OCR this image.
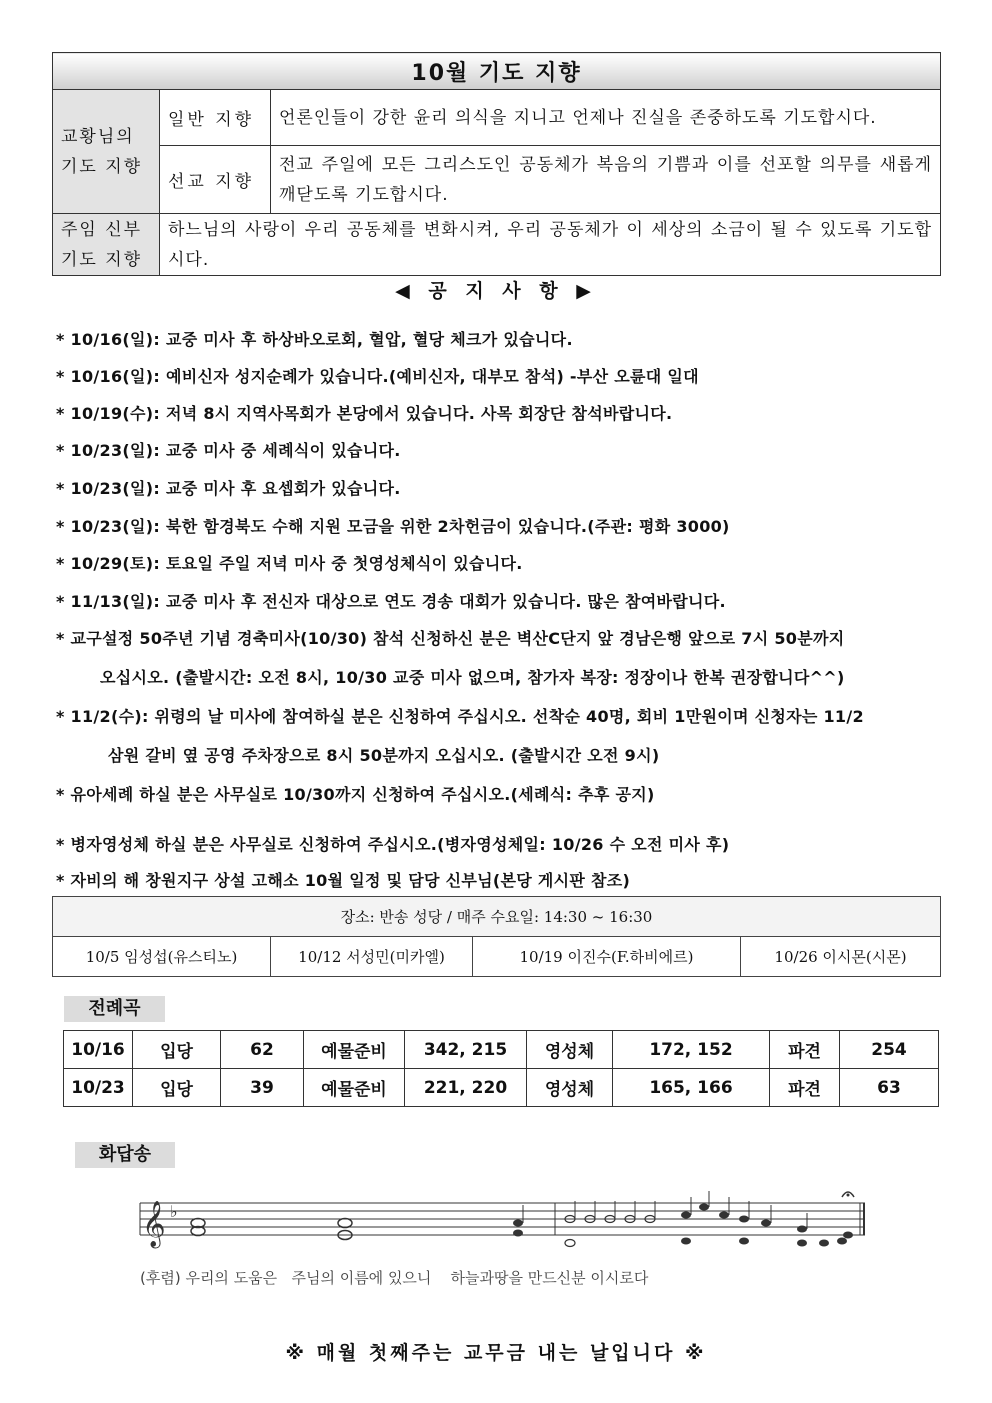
10월 기도 지향		

교황님의
기도 지향	일반 지향	언론인들이 강한 윤리 의식을 지니고 언제나 진실을 존중하도록 기도합시다.
	선교 지향	전교 주일에 모든 그리스도인 공동체가 복음의 기쁨과 이를 선포할 의무를 새롭게 깨닫도록 기도합시다.

주임 신부
기도 지향	하느님의 사랑이 우리 공동체를 변화시켜, 우리 공동체가 이 세상의 소금이 될 수 있도록 기도합시다.	
◀ 공 지 사 항 ▶
* 10/16(일): 교중 미사 후 하상바오로회, 혈압, 혈당 체크가 있습니다.
* 10/16(일): 예비신자 성지순례가 있습니다.(예비신자, 대부모 참석) -부산 오륜대 일대
* 10/19(수): 저녁 8시 지역사목회가 본당에서 있습니다. 사목 회장단 참석바랍니다.
* 10/23(일): 교중 미사 중 세례식이 있습니다.
* 10/23(일): 교중 미사 후 요셉회가 있습니다.
* 10/23(일): 북한 함경북도 수해 지원 모금을 위한 2차헌금이 있습니다.(주관: 평화 3000)
* 10/29(토): 토요일 주일 저녁 미사 중 첫영성체식이 있습니다.
* 11/13(일): 교중 미사 후 전신자 대상으로 연도 경송 대회가 있습니다. 많은 참여바랍니다.
* 교구설정 50주년 기념 경축미사(10/30) 참석 신청하신 분은 벽산C단지 앞 경남은행 앞으로 7시 50분까지
오십시오. (출발시간: 오전 8시, 10/30 교중 미사 없으며, 참가자 복장: 정장이나 한복 권장합니다^^)
* 11/2(수): 위령의 날 미사에 참여하실 분은 신청하여 주십시오. 선착순 40명, 회비 1만원이며 신청자는 11/2
삼원 갈비 옆 공영 주차장으로 8시 50분까지 오십시오. (출발시간 오전 9시)
* 유아세례 하실 분은 사무실로 10/30까지 신청하여 주십시오.(세례식: 추후 공지)
* 병자영성체 하실 분은 사무실로 신청하여 주십시오.(병자영성체일: 10/26 수 오전 미사 후)
* 자비의 해 창원지구 상설 고해소 10월 일정 및 담당 신부님(본당 게시판 참조)
장소: 반송 성당 / 매주 수요일: 14:30 ~ 16:30
10/5 임성섭(유스티노)	10/12 서성민(미카엘)	10/19 이진수(F.하비에르)	10/26 이시몬(시몬)
전례곡
10/16	입당	62	예물준비	342, 215	영성체	172, 152	파견	254
10/23	입당	39	예물준비	221, 220	영성체	165, 166	파견	63
화답송
𝄞 ♭
(후렴) 우리의 도움은   주님의 이름에 있으니    하늘과땅을 만드신분 이시로다
※ 매월 첫째주는 교무금 내는 날입니다 ※
